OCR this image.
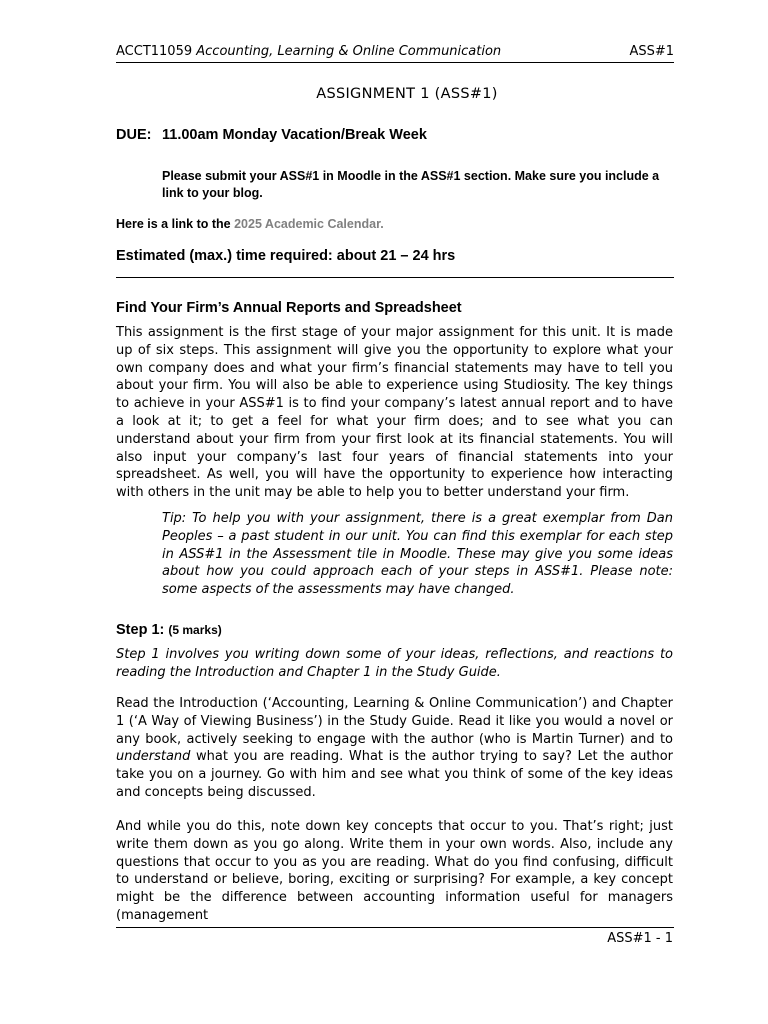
ACCT11059 Accounting, Learning & Online Communication	ASS#1
ASSIGNMENT 1 (ASS#1)
DUE: 11.00am Monday Vacation/Break Week

Please submit your ASS#1 in Moodle in the ASS#1 section. Make sure you include a link to your blog.

Here is a link to the 2025 Academic Calendar.
Estimated (max.) time required: about 21 – 24 hrs
Find Your Firm’s Annual Reports and Spreadsheet

This assignment is the first stage of your major assignment for this unit. It is made up of six steps. This assignment will give you the opportunity to explore what your own company does and what your firm’s financial statements may have to tell you about your firm. You will also be able to experience using Studiosity. The key things to achieve in your ASS#1 is to find your company’s latest annual report and to have a look at it; to get a feel for what your firm does; and to see what you can understand about your firm from your first look at its financial statements. You will also input your company’s last four years of financial statements into your spreadsheet. As well, you will have the opportunity to experience how interacting with others in the unit may be able to help you to better understand your firm.

Tip: To help you with your assignment, there is a great exemplar from Dan Peoples – a past student in our unit. You can find this exemplar for each step in ASS#1 in the Assessment tile in Moodle. These may give you some ideas about how you could approach each of your steps in ASS#1. Please note: some aspects of the assessments may have changed.

Step 1: (5 marks)

Step 1 involves you writing down some of your ideas, reflections, and reactions to reading the Introduction and Chapter 1 in the Study Guide.

Read the Introduction (‘Accounting, Learning & Online Communication’) and Chapter 1 (‘A Way of Viewing Business’) in the Study Guide. Read it like you would a novel or any book, actively seeking to engage with the author (who is Martin Turner) and to understand what you are reading. What is the author trying to say? Let the author take you on a journey. Go with him and see what you think of some of the key ideas and concepts being discussed.

And while you do this, note down key concepts that occur to you. That’s right; just write them down as you go along. Write them in your own words. Also, include any questions that occur to you as you are reading. What do you find confusing, difficult to understand or believe, boring, exciting or surprising? For example, a key concept might be the difference between accounting information useful for managers (management

ASS#1 - 1
